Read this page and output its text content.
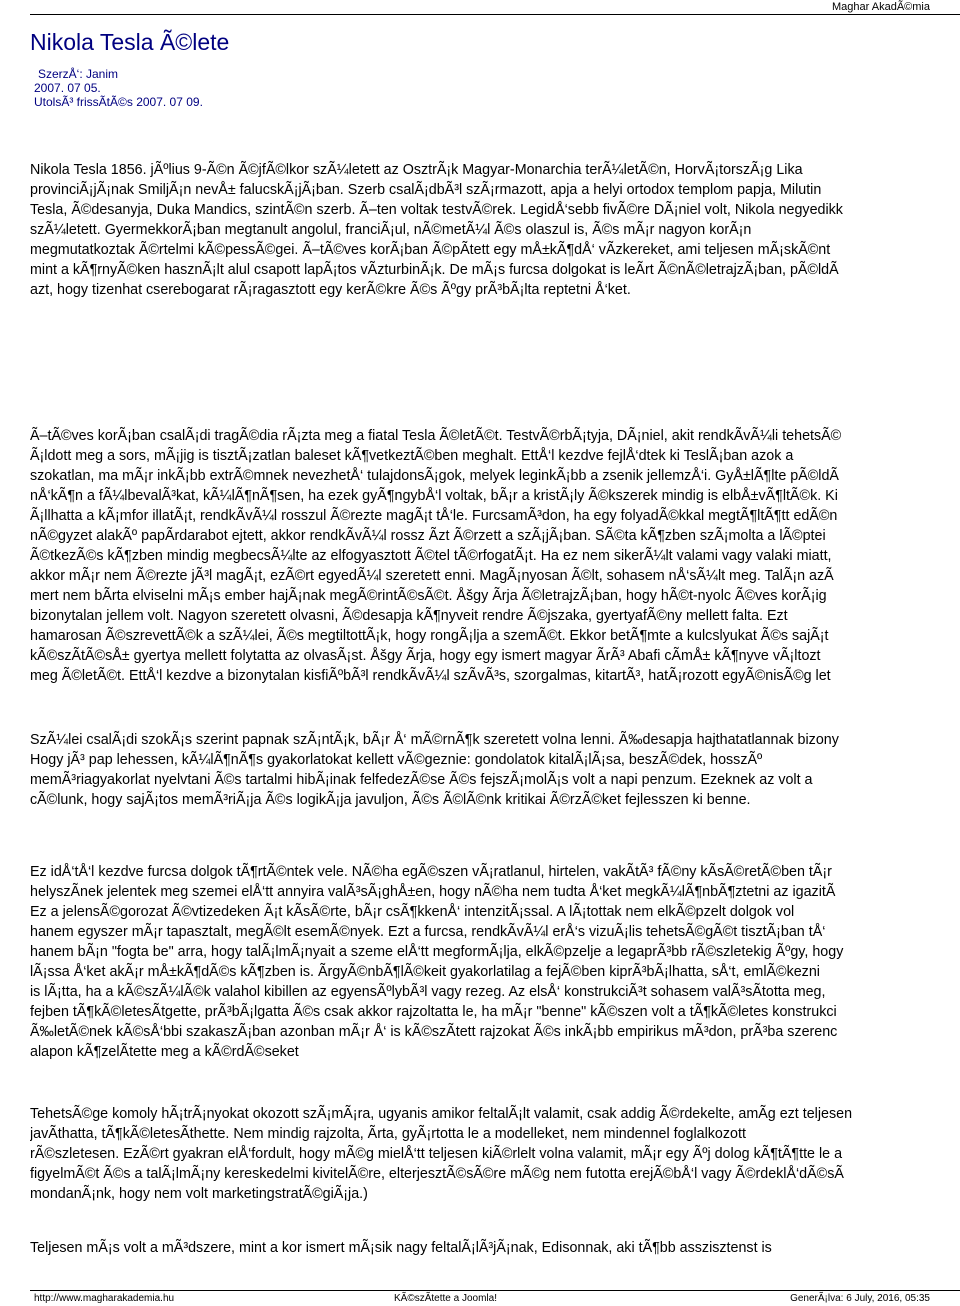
Maghar AkadÃ©mia
Nikola Tesla Ã©lete
SzerzÅ‘: Janim
2007. 07 05.
UtolsÃ³ frissÃtÃ©s 2007. 07 09.
Nikola Tesla 1856. jÃºlius 9-Ã©n Ã©jfÃ©lkor szÃ¼letett az OsztrÃ¡k Magyar-Monarchia terÃ¼letÃ©n, HorvÃ¡torszÃ¡g Lika
provinciÃ¡jÃ¡nak SmiljÃ¡n nevÅ± falucskÃ¡jÃ¡ban. Szerb csalÃ¡dbÃ³l szÃ¡rmazott, apja a helyi ortodox templom papja, Milutin
Tesla, Ã©desanyja, Duka Mandics, szintÃ©n szerb. Ã–ten voltak testvÃ©rek. LegidÅ‘sebb fivÃ©re DÃ¡niel volt, Nikola negyedikk
szÃ¼letett. GyermekkorÃ¡ban megtanult angolul, franciÃ¡ul, nÃ©metÃ¼l Ã©s olaszul is, Ã©s mÃ¡r nagyon korÃ¡n
megmutatkoztak Ã©rtelmi kÃ©pessÃ©gei. Ã–tÃ©ves korÃ¡ban Ã©pÃtett egy mÅ±kÃ¶dÅ‘ vÃzkereket, ami teljesen mÃ¡skÃ©nt
mint a kÃ¶rnyÃ©ken hasznÃ¡lt alul csapott lapÃ¡tos vÃzturbinÃ¡k. De mÃ¡s furcsa dolgokat is leÃrt Ã©nÃ©letrajzÃ¡ban, pÃ©ldÃ
azt, hogy tizenhat cserebogarat rÃ¡ragasztott egy kerÃ©kre Ã©s Ãºgy prÃ³bÃ¡lta reptetni Å‘ket.
Ã–tÃ©ves korÃ¡ban csalÃ¡di tragÃ©dia rÃ¡zta meg a fiatal Tesla Ã©letÃ©t. TestvÃ©rbÃ¡tyja, DÃ¡niel, akit rendkÃvÃ¼li tehetsÃ©
Ã¡ldott meg a sors, mÃ¡jig is tisztÃ¡zatlan baleset kÃ¶vetkeztÃ©ben meghalt. EttÅ‘l kezdve fejlÅ‘dtek ki TeslÃ¡ban azok a
szokatlan, ma mÃ¡r inkÃ¡bb extrÃ©mnek nevezhetÅ‘ tulajdonsÃ¡gok, melyek leginkÃ¡bb a zsenik jellemzÅ‘i. GyÅ±lÃ¶lte pÃ©ldÃ
nÅ‘kÃ¶n a fÃ¼lbevalÃ³kat, kÃ¼lÃ¶nÃ¶sen, ha ezek gyÃ¶ngybÅ‘l voltak, bÃ¡r a kristÃ¡ly Ã©kszerek mindig is elbÅ±vÃ¶ltÃ©k. Ki
Ã¡llhatta a kÃ¡mfor illatÃ¡t, rendkÃvÃ¼l rosszul Ã©rezte magÃ¡t tÅ‘le. FurcsamÃ³don, ha egy folyadÃ©kkal megtÃ¶ltÃ¶tt edÃ©n
nÃ©gyzet alakÃº papÃrdarabot ejtett, akkor rendkÃvÃ¼l rossz Ãzt Ã©rzett a szÃ¡jÃ¡ban. SÃ©ta kÃ¶zben szÃ¡molta a lÃ©ptei
Ã©tkezÃ©s kÃ¶zben mindig megbecsÃ¼lte az elfogyasztott Ã©tel tÃ©rfogatÃ¡t. Ha ez nem sikerÃ¼lt valami vagy valaki miatt,
akkor mÃ¡r nem Ã©rezte jÃ³l magÃ¡t, ezÃ©rt egyedÃ¼l szeretett enni. MagÃ¡nyosan Ã©lt, sohasem nÅ‘sÃ¼lt meg. TalÃ¡n azÃ
mert nem bÃrta elviselni mÃ¡s ember hajÃ¡nak megÃ©rintÃ©sÃ©t. Åšgy Ãrja Ã©letrajzÃ¡ban, hogy hÃ©t-nyolc Ã©ves korÃ¡ig
bizonytalan jellem volt. Nagyon szeretett olvasni, Ã©desapja kÃ¶nyveit rendre Ã©jszaka, gyertyafÃ©ny mellett falta. Ezt
hamarosan Ã©szrevettÃ©k a szÃ¼lei, Ã©s megtiltottÃ¡k, hogy rongÃ¡lja a szemÃ©t. Ekkor betÃ¶mte a kulcslyukat Ã©s sajÃ¡t
kÃ©szÃtÃ©sÅ± gyertya mellett folytatta az olvasÃ¡st. Åšgy Ãrja, hogy egy ismert magyar ÃrÃ³ Abafi cÃmÅ± kÃ¶nyve vÃ¡ltozt
meg Ã©letÃ©t. EttÅ‘l kezdve a bizonytalan kisfiÃºbÃ³l rendkÃvÃ¼l szÃvÃ³s, szorgalmas, kitartÃ³, hatÃ¡rozott egyÃ©nisÃ©g let
SzÃ¼lei csalÃ¡di szokÃ¡s szerint papnak szÃ¡ntÃ¡k, bÃ¡r Å‘ mÃ©rnÃ¶k szeretett volna lenni. Ã‰desapja hajthatatlannak bizony
Hogy jÃ³ pap lehessen, kÃ¼lÃ¶nÃ¶s gyakorlatokat kellett vÃ©geznie: gondolatok kitalÃ¡lÃ¡sa, beszÃ©dek, hosszÃº
memÃ³riagyakorlat nyelvtani Ã©s tartalmi hibÃ¡inak felfedezÃ©se Ã©s fejszÃ¡molÃ¡s volt a napi penzum. Ezeknek az volt a
cÃ©lunk, hogy sajÃ¡tos memÃ³riÃ¡ja Ã©s logikÃ¡ja javuljon, Ã©s Ã©lÃ©nk kritikai Ã©rzÃ©ket fejlesszen ki benne.
Ez idÅ‘tÅ‘l kezdve furcsa dolgok tÃ¶rtÃ©ntek vele. NÃ©ha egÃ©szen vÃ¡ratlanul, hirtelen, vakÃtÃ³ fÃ©ny kÃsÃ©retÃ©ben tÃ¡r
helyszÃnek jelentek meg szemei elÅ‘tt annyira valÃ³sÃ¡ghÅ±en, hogy nÃ©ha nem tudta Å‘ket megkÃ¼lÃ¶nbÃ¶ztetni az igazitÃ
Ez a jelensÃ©gorozat Ã©vtizedeken Ã¡t kÃsÃ©rte, bÃ¡r csÃ¶kkenÅ‘ intenzitÃ¡ssal. A lÃ¡tottak nem elkÃ©pzelt dolgok vol
hanem egyszer mÃ¡r tapasztalt, megÃ©lt esemÃ©nyek. Ezt a furcsa, rendkÃvÃ¼l erÅ‘s vizuÃ¡lis tehetsÃ©gÃ©t tisztÃ¡ban tÅ‘
hanem bÃ¡n "fogta be" arra, hogy talÃ¡lmÃ¡nyait a szeme elÅ‘tt megformÃ¡lja, elkÃ©pzelje a legaprÃ³bb rÃ©szletekig Ãºgy, hogy
lÃ¡ssa Å‘ket akÃ¡r mÅ±kÃ¶dÃ©s kÃ¶zben is. ÃrgyÃ©nbÃ¶lÃ©keit gyakorlatilag a fejÃ©ben kiprÃ³bÃ¡lhatta, sÅ‘t, emlÃ©kezni
is lÃ¡tta, ha a kÃ©szÃ¼lÃ©k valahol kibillen az egyensÃºlybÃ³l vagy rezeg. Az elsÅ‘ konstrukciÃ³t sohasem valÃ³sÃtotta meg,
fejben tÃ¶kÃ©letesÃtgette, prÃ³bÃ¡lgatta Ã©s csak akkor rajzoltatta le, ha mÃ¡r "benne" kÃ©szen volt a tÃ¶kÃ©letes konstrukci
Ã‰letÃ©nek kÃ©sÅ‘bbi szakaszÃ¡ban azonban mÃ¡r Å‘ is kÃ©szÃtett rajzokat Ã©s inkÃ¡bb empirikus mÃ³don, prÃ³ba szerenc
alapon kÃ¶zelÃtette meg a kÃ©rdÃ©seket
TehetsÃ©ge komoly hÃ¡trÃ¡nyokat okozott szÃ¡mÃ¡ra, ugyanis amikor feltalÃ¡lt valamit, csak addig Ã©rdekelte, amÃg ezt teljesen
javÃthatta, tÃ¶kÃ©letesÃthette. Nem mindig rajzolta, Ãrta, gyÃ¡rtotta le a modelleket, nem mindennel foglalkozott
rÃ©szletesen. EzÃ©rt gyakran elÅ‘fordult, hogy mÃ©g mielÅ‘tt teljesen kiÃ©rlelt volna valamit, mÃ¡r egy Ãºj dolog kÃ¶tÃ¶tte le a
figyelmÃ©t Ã©s a talÃ¡lmÃ¡ny kereskedelmi kivitelÃ©re, elterjesztÃ©sÃ©re mÃ©g nem futotta erejÃ©bÅ‘l vagy Ã©rdeklÅ‘dÃ©sÃ
mondanÃ¡nk, hogy nem volt marketingstratÃ©giÃ¡ja.)
Teljesen mÃ¡s volt a mÃ³dszere, mint a kor ismert mÃ¡sik nagy feltalÃ¡lÃ³jÃ¡nak, Edisonnak, aki tÃ¶bb asszisztenst is
http://www.magharakademia.hu	KÃ©szÃtette a Joomla!	GenerÃ¡lva: 6 July, 2016, 05:35
